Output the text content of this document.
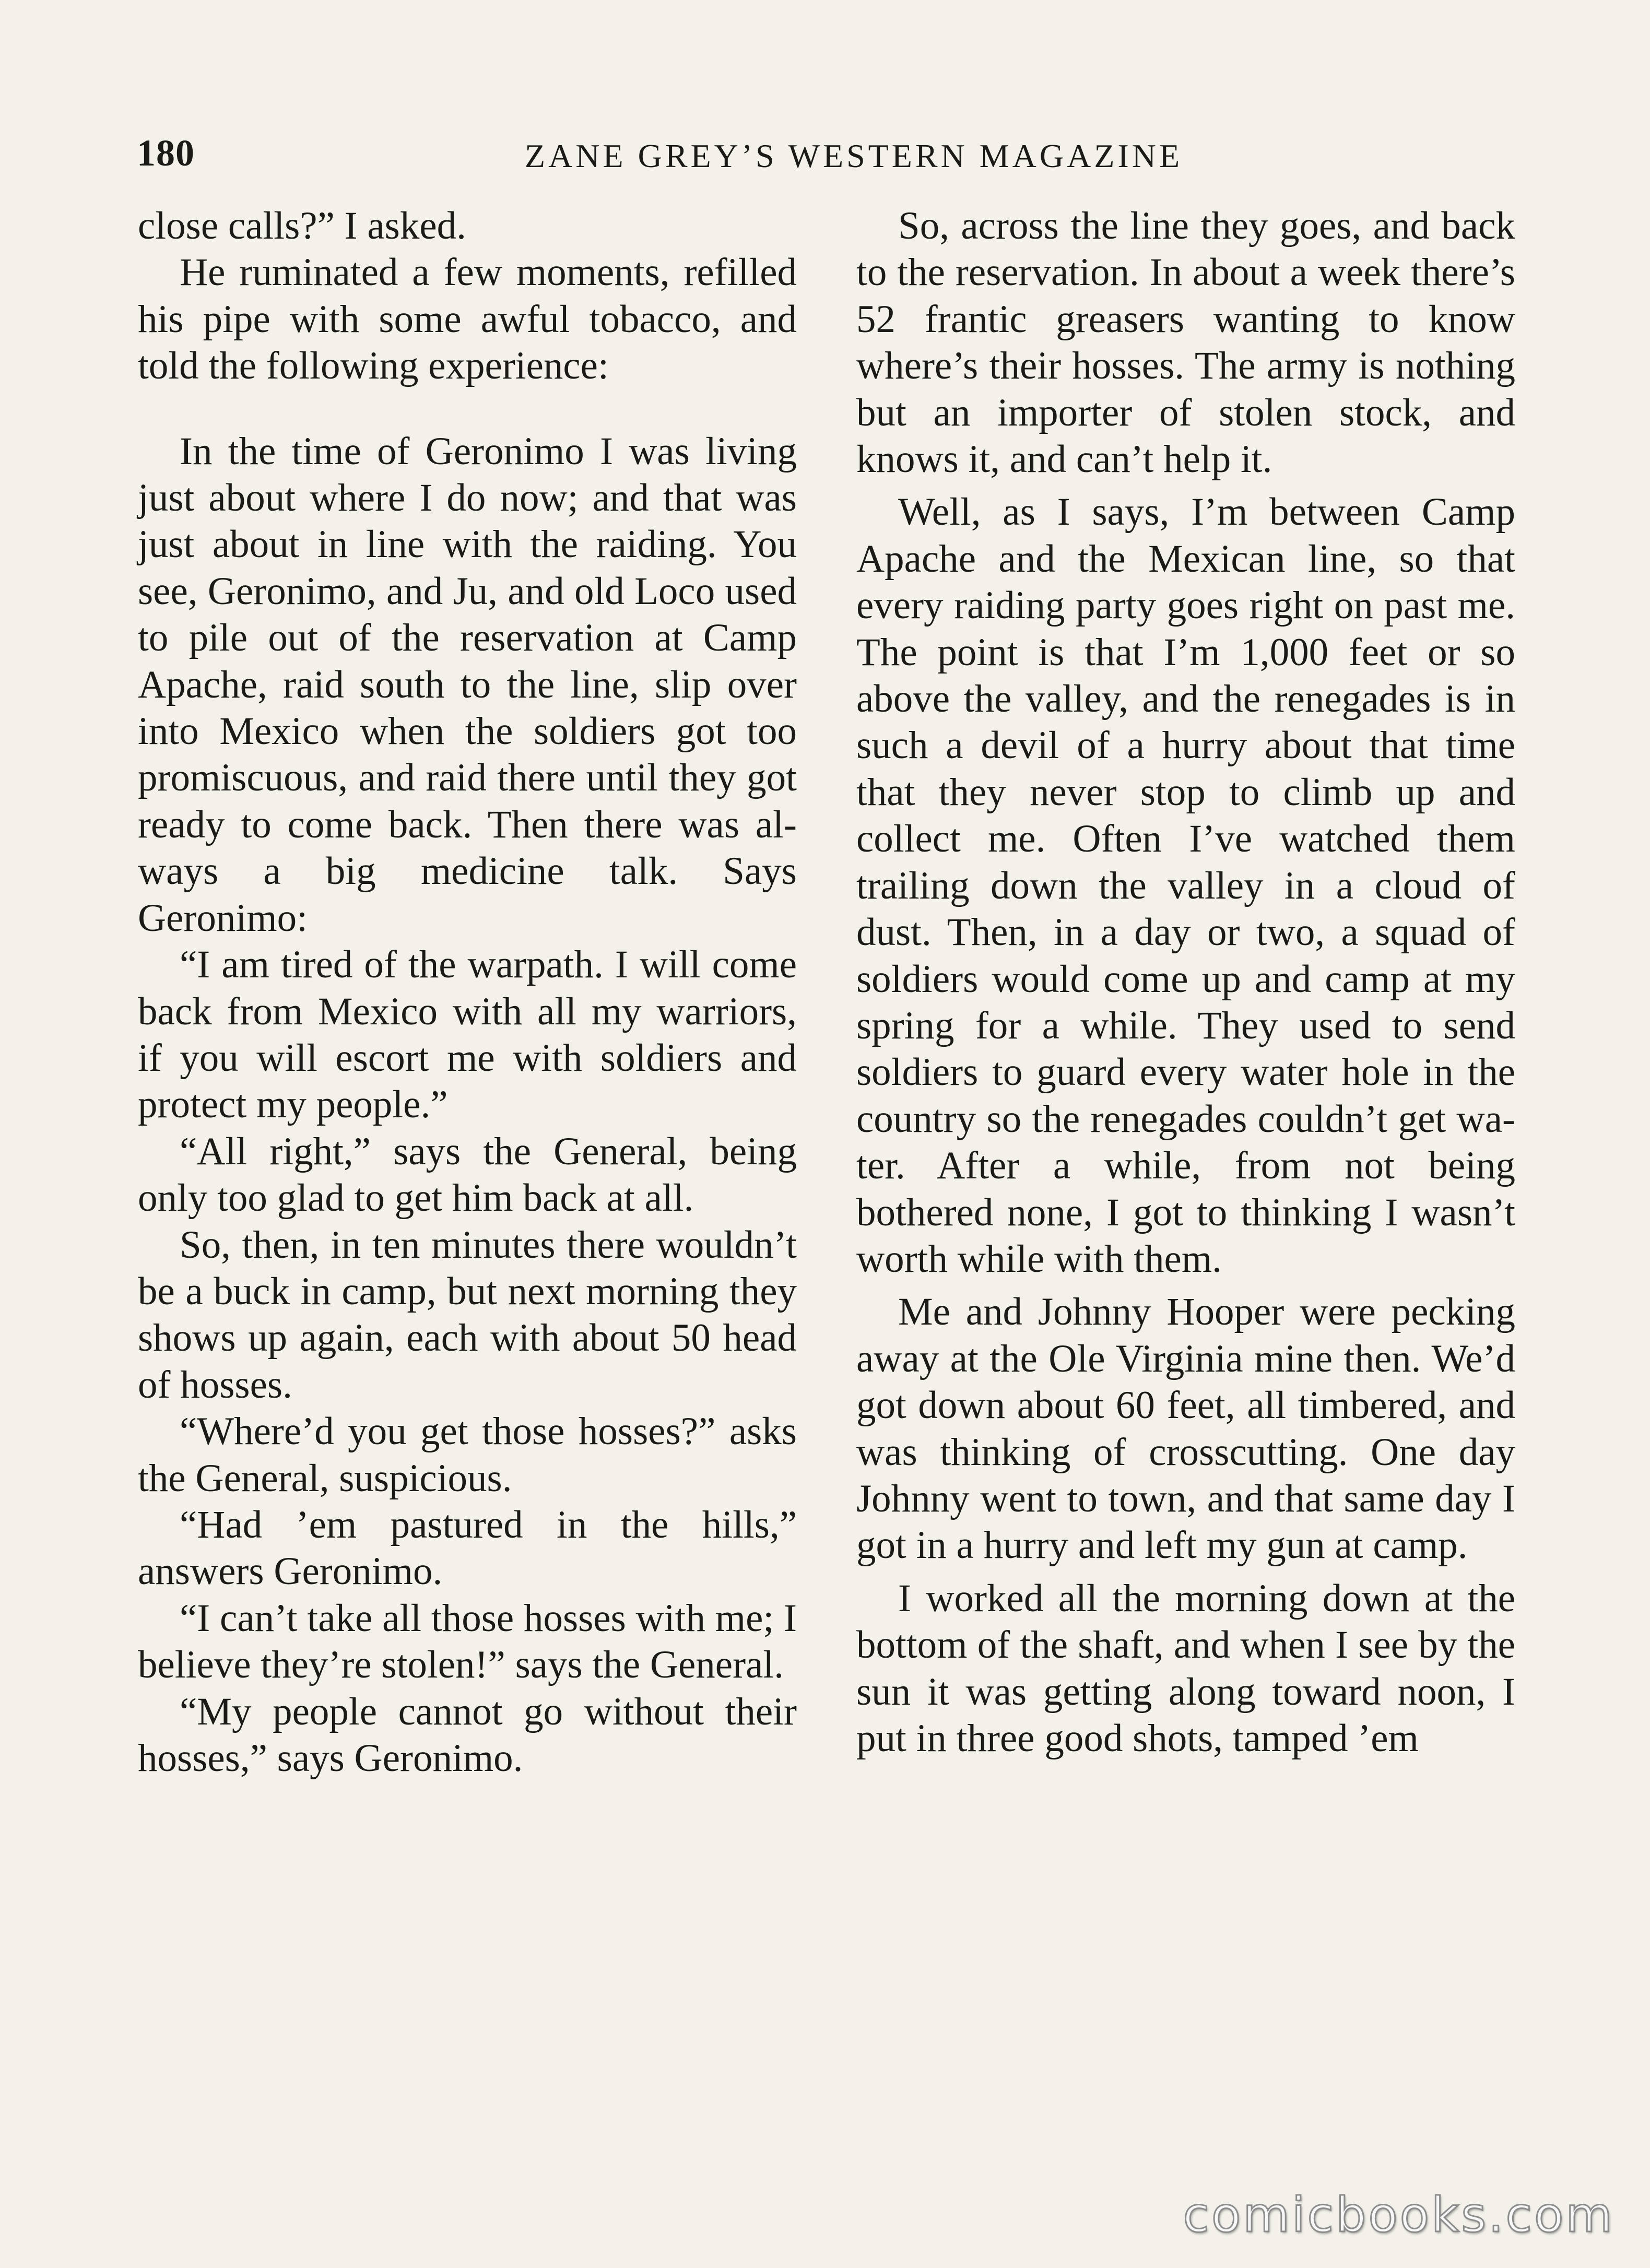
180	ZANE GREY’S WESTERN MAGAZINE

close calls?” I asked.

He ruminated a few moments, refilled his pipe with some awful tobacco, and told the following experience:

In the time of Geronimo I was living just about where I do now; and that was just about in line with the raiding. You see, Geronimo, and Ju, and old Loco used to pile out of the reservation at Camp Apache, raid south to the line, slip over into Mexico when the soldiers got too promiscuous, and raid there until they got ready to come back. Then there was always a big medicine talk. Says Geronimo:

“I am tired of the warpath. I will come back from Mexico with all my warriors, if you will escort me with soldiers and protect my people.”

“All right,” says the General, being only too glad to get him back at all.

So, then, in ten minutes there wouldn’t be a buck in camp, but next morning they shows up again, each with about 50 head of hosses.

“Where’d you get those hosses?” asks the General, suspicious.

“Had ’em pastured in the hills,” answers Geronimo.

“I can’t take all those hosses with me; I believe they’re stolen!” says the General.

“My people cannot go without their hosses,” says Geronimo.

So, across the line they goes, and back to the reservation. In about a week there’s 52 frantic greasers wanting to know where’s their hosses. The army is nothing but an importer of stolen stock, and knows it, and can’t help it.

Well, as I says, I’m between Camp Apache and the Mexican line, so that every raiding party goes right on past me. The point is that I’m 1,000 feet or so above the valley, and the renegades is in such a devil of a hurry about that time that they never stop to climb up and collect me. Often I’ve watched them trailing down the valley in a cloud of dust. Then, in a day or two, a squad of soldiers would come up and camp at my spring for a while. They used to send soldiers to guard every water hole in the country so the renegades couldn’t get water. After a while, from not being bothered none, I got to thinking I wasn’t worth while with them.

Me and Johnny Hooper were pecking away at the Ole Virginia mine then. We’d got down about 60 feet, all timbered, and was thinking of crosscutting. One day Johnny went to town, and that same day I got in a hurry and left my gun at camp.

I worked all the morning down at the bottom of the shaft, and when I see by the sun it was getting along toward noon, I put in three good shots, tamped ’em

comicbooks.com
